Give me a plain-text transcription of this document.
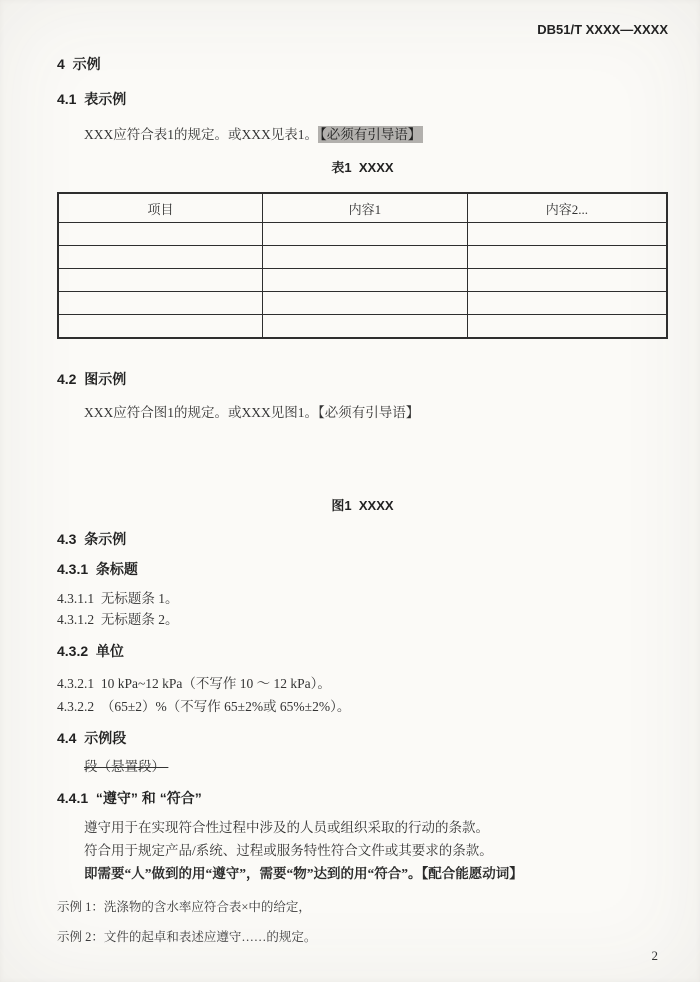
DB51/T XXXX—XXXX

4  示例

4.1  表示例

XXX应符合表1的规定。或XXX见表1。 【必须有引导语】

表1  XXXX

项目	内容1	内容2...

4.2  图示例

XXX应符合图1的规定。或XXX见图1。【必须有引导语】

图1  XXXX

4.3  条示例

4.3.1  条标题

4.3.1.1  无标题条 1。

4.3.1.2  无标题条 2。

4.3.2  单位

4.3.2.1  10 kPa~12 kPa（不写作 10 ～ 12 kPa）。

4.3.2.2  （65±2）%（不写作 65±2%或 65%±2%）。

4.4  示例段

段（悬置段）

4.4.1  “遵守” 和 “符合”

遵守用于在实现符合性过程中涉及的人员或组织采取的行动的条款。

符合用于规定产品/系统、过程或服务特性符合文件或其要求的条款。

即需要“人”做到的用“遵守”，需要“物”达到的用“符合”。【配合能愿动词】

示例 1：洗涤物的含水率应符合表×中的给定，

示例 2：文件的起卓和表述应遵守……的规定。

2
